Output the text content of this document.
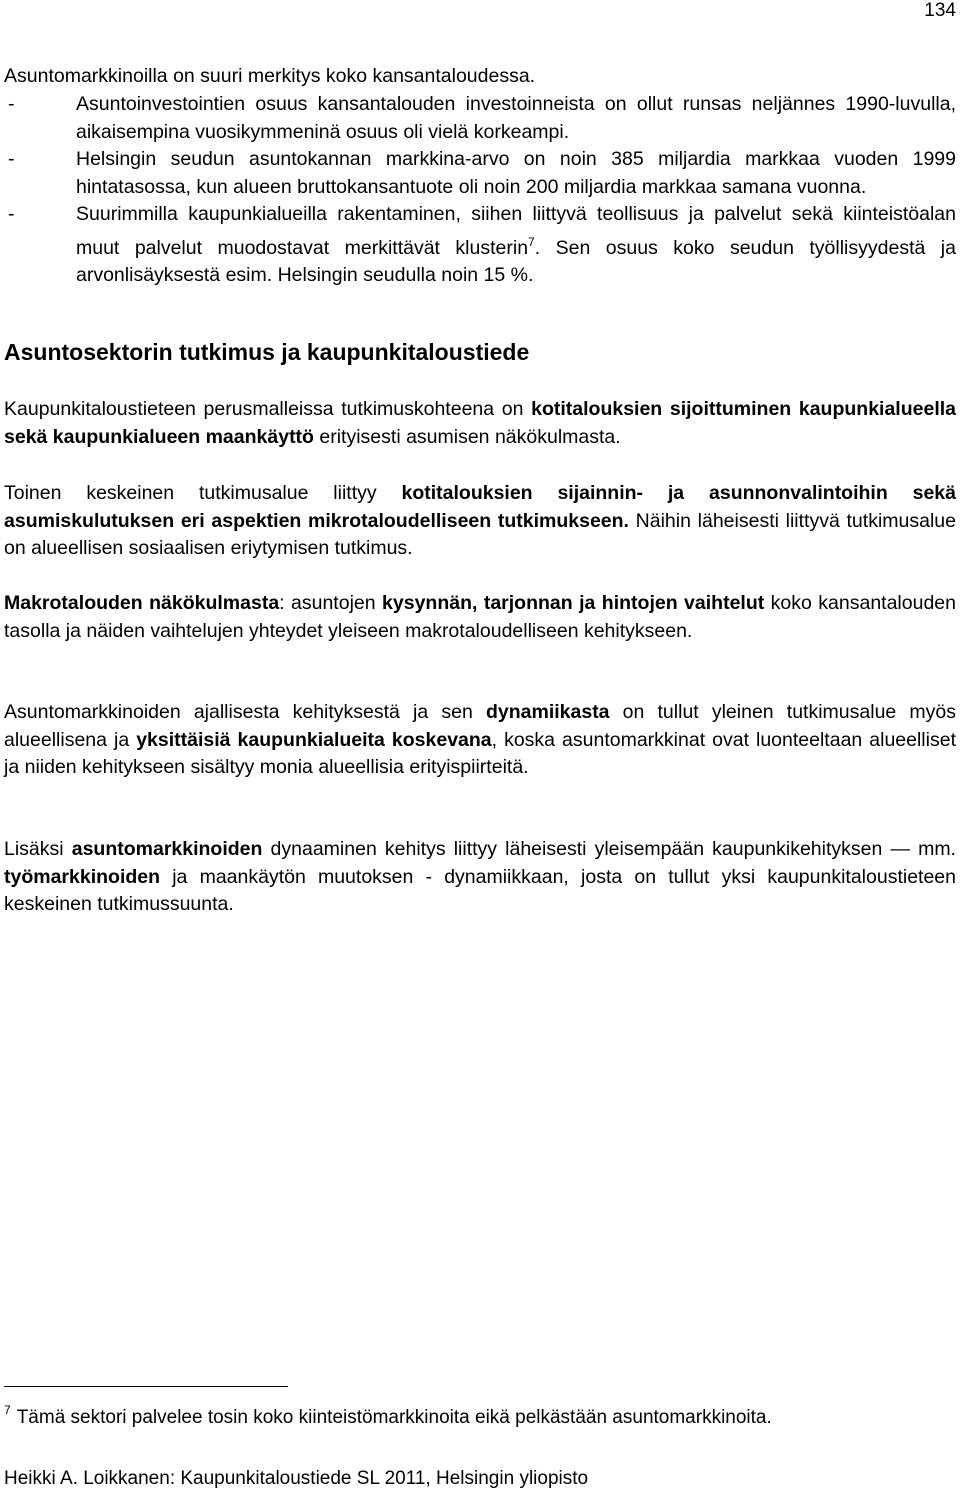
134
Asuntomarkkinoilla on suuri merkitys koko kansantaloudessa.
-	Asuntoinvestointien osuus kansantalouden investoinneista on ollut runsas neljännes 1990-luvulla, aikaisempina vuosikymmeninä osuus oli vielä korkeampi.
-	Helsingin seudun asuntokannan markkina-arvo on noin 385 miljardia markkaa vuoden 1999 hintatasossa, kun alueen bruttokansantuote oli noin 200 miljardia markkaa samana vuonna.
-	Suurimmilla kaupunkialueilla rakentaminen, siihen liittyvä teollisuus ja palvelut sekä kiinteistöalan muut palvelut muodostavat merkittävät klusterin$^7$. Sen osuus koko seudun työllisyydestä ja arvonlisäyksestä esim. Helsingin seudulla noin 15 %.
Asuntosektorin tutkimus ja kaupunkitaloustiede
Kaupunkitaloustieteen perusmalleissa tutkimuskohteena on kotitalouksien sijoittuminen kaupunkialueella sekä kaupunkialueen maankäyttö erityisesti asumisen näkökulmasta.
Toinen keskeinen tutkimusalue liittyy kotitalouksien sijainnin- ja asunnonvalintoihin sekä asumiskulutuksen eri aspektien mikrotaloudelliseen tutkimukseen. Näihin läheisesti liittyvä tutkimusalue on alueellisen sosiaalisen eriytymisen tutkimus.
Makrotalouden näkökulmasta: asuntojen kysynnän, tarjonnan ja hintojen vaihtelut koko kansantalouden tasolla ja näiden vaihtelujen yhteydet yleiseen makrotaloudelliseen kehitykseen.
Asuntomarkkinoiden ajallisesta kehityksestä ja sen dynamiikasta on tullut yleinen tutkimusalue myös alueellisena ja yksittäisiä kaupunkialueita koskevana, koska asuntomarkkinat ovat luonteeltaan alueelliset ja niiden kehitykseen sisältyy monia alueellisia erityispiirteitä.
Lisäksi asuntomarkkinoiden dynaaminen kehitys liittyy läheisesti yleisempään kaupunkikehityksen — mm. työmarkkinoiden ja maankäytön muutoksen - dynamiikkaan, josta on tullut yksi kaupunkitaloustieteen keskeinen tutkimussuunta.
$^7$ Tämä sektori palvelee tosin koko kiinteistömarkkinoita eikä pelkästään asuntomarkkinoita.
Heikki A. Loikkanen: Kaupunkitaloustiede SL 2011, Helsingin yliopisto
